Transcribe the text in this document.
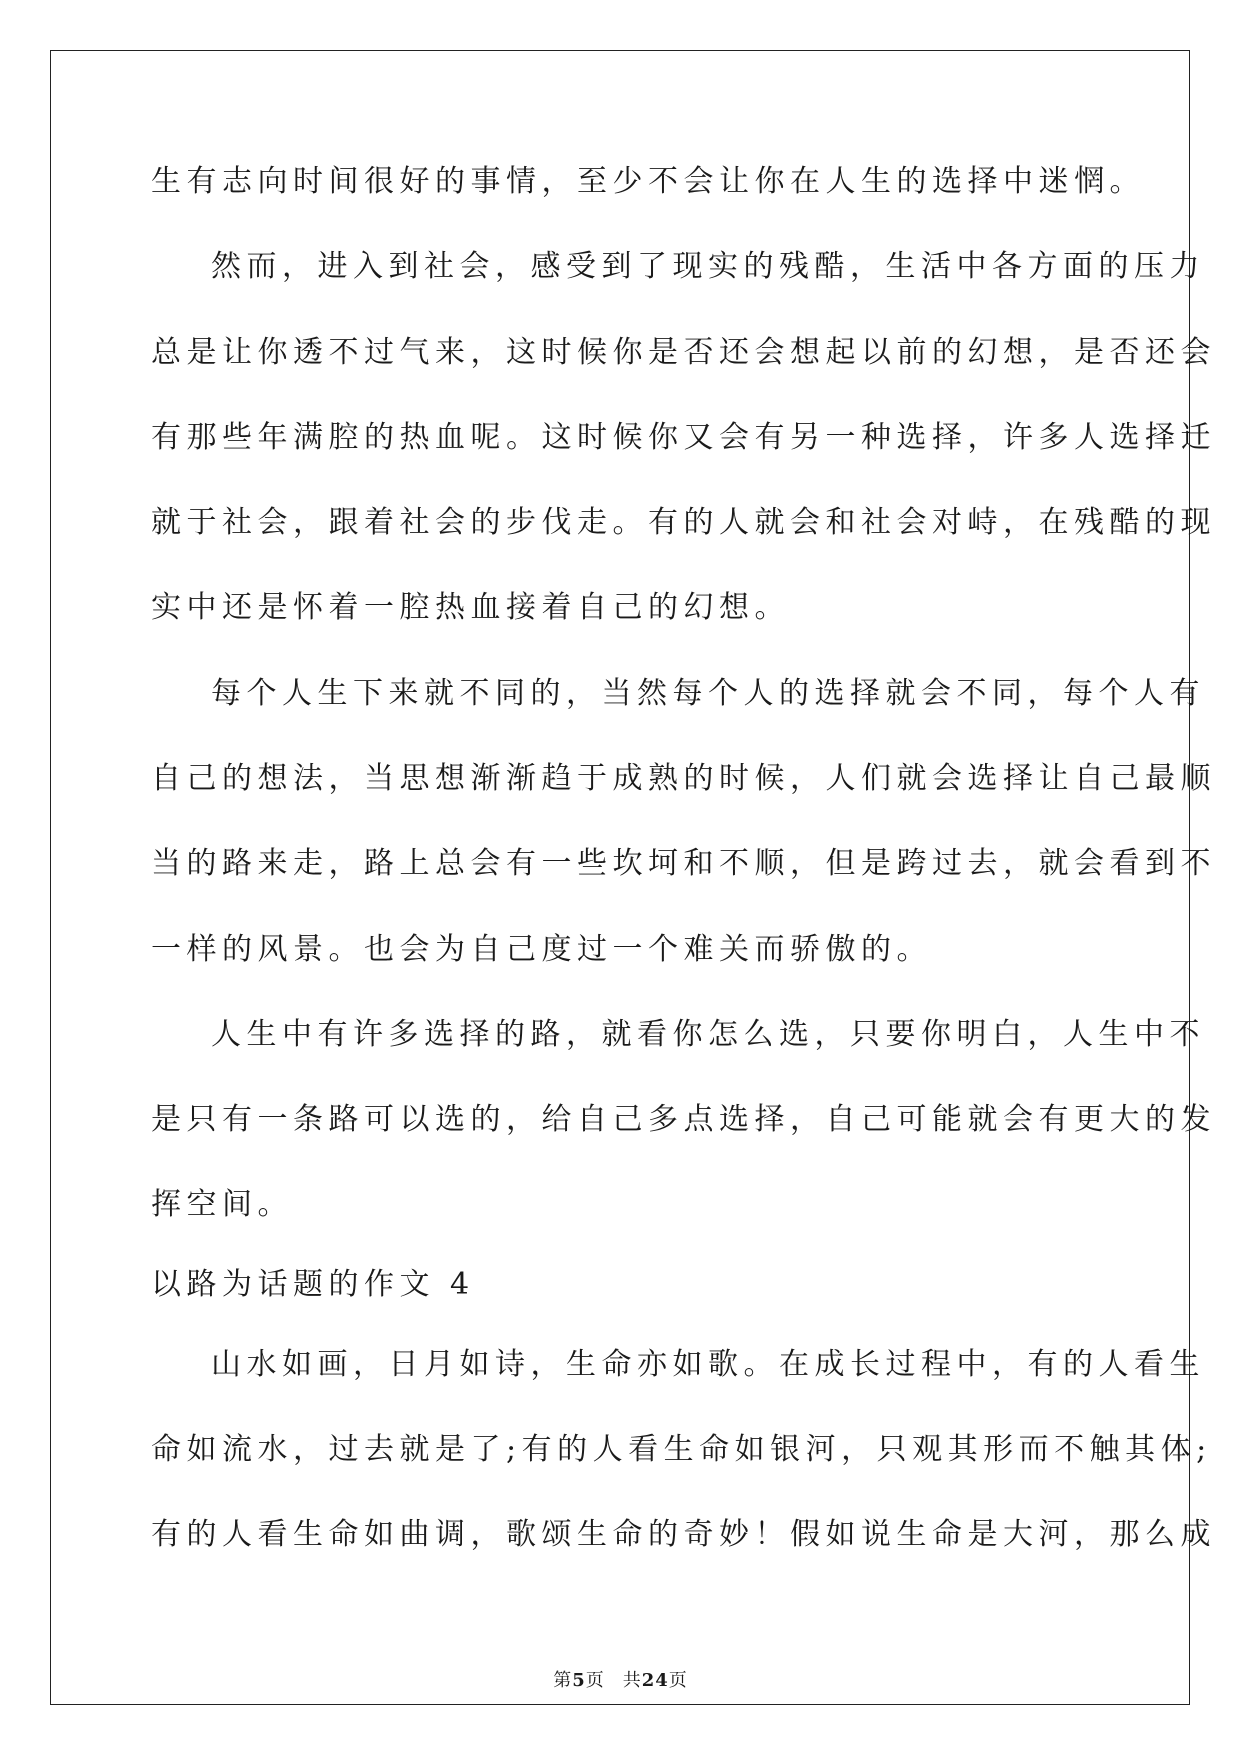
生有志向时间很好的事情，至少不会让你在人生的选择中迷惘。
然而，进入到社会，感受到了现实的残酷，生活中各方面的压力
总是让你透不过气来，这时候你是否还会想起以前的幻想，是否还会
有那些年满腔的热血呢。这时候你又会有另一种选择，许多人选择迁
就于社会，跟着社会的步伐走。有的人就会和社会对峙，在残酷的现
实中还是怀着一腔热血接着自己的幻想。
每个人生下来就不同的，当然每个人的选择就会不同，每个人有
自己的想法，当思想渐渐趋于成熟的时候，人们就会选择让自己最顺
当的路来走，路上总会有一些坎坷和不顺，但是跨过去，就会看到不
一样的风景。也会为自己度过一个难关而骄傲的。
人生中有许多选择的路，就看你怎么选，只要你明白，人生中不
是只有一条路可以选的，给自己多点选择，自己可能就会有更大的发
挥空间。
以路为话题的作文 4
山水如画，日月如诗，生命亦如歌。在成长过程中，有的人看生
命如流水，过去就是了;有的人看生命如银河，只观其形而不触其体;
有的人看生命如曲调，歌颂生命的奇妙！假如说生命是大河，那么成
第5页 共24页
